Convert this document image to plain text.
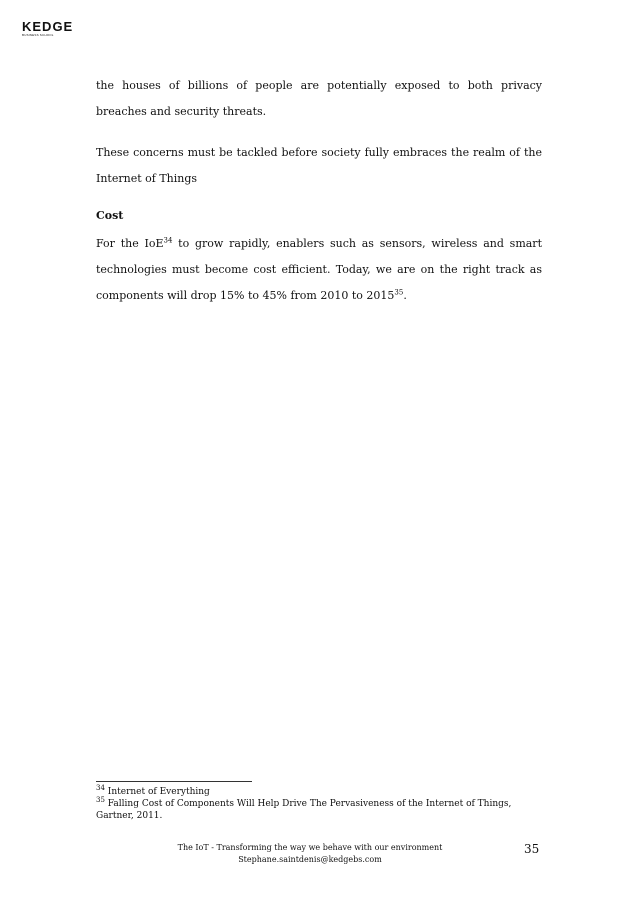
KEDGE
BUSINESS SCHOOL
the houses of billions of people are potentially exposed to both privacy breaches and security threats.
These concerns must be tackled before society fully embraces the realm of the Internet of Things
Cost
For the IoE$^{34}$ to grow rapidly, enablers such as sensors, wireless and smart technologies must become cost efficient. Today, we are on the right track as components will drop 15% to 45% from 2010 to 2015$^{35}$.
$^{34}$ Internet of Everything
$^{35}$ Falling Cost of Components Will Help Drive The Pervasiveness of the Internet of Things, Gartner, 2011.
The IoT - Transforming the way we behave with our environment
Stephane.saintdenis@kedgebs.com
35
